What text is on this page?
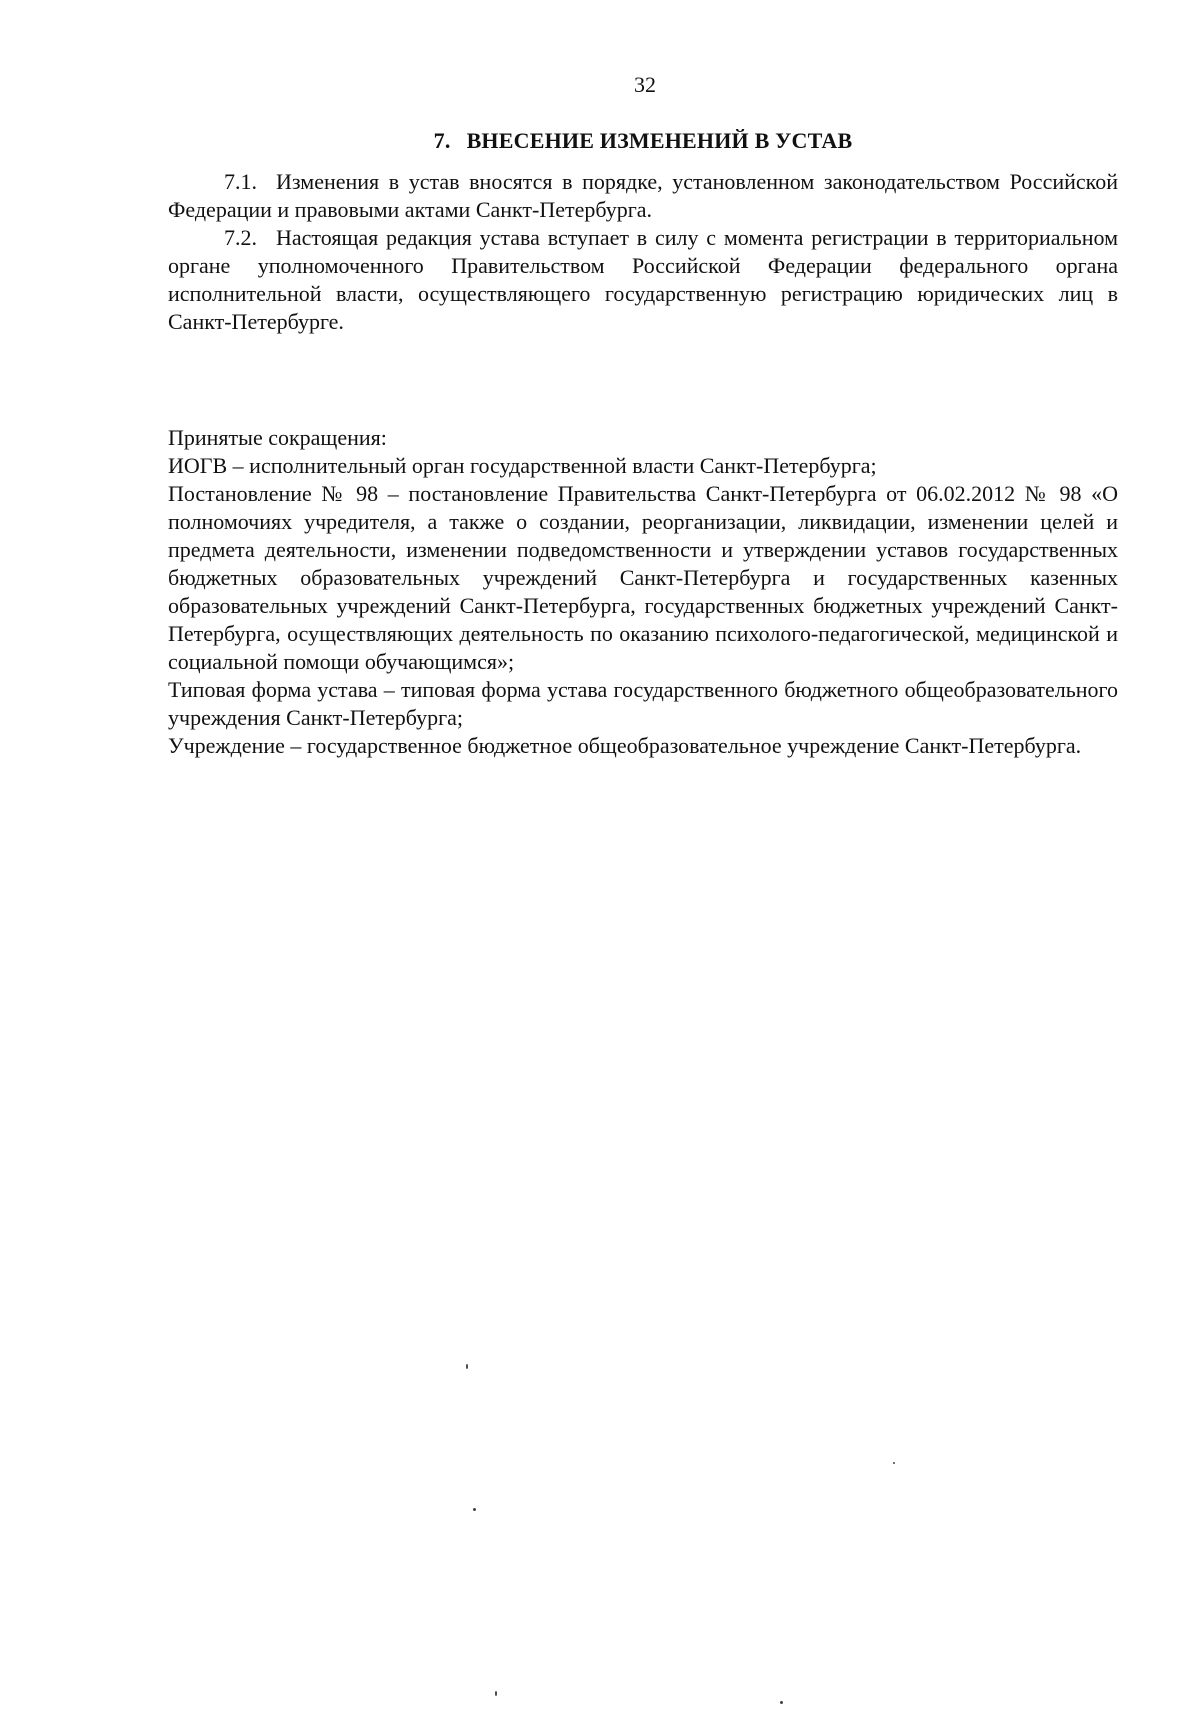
32
7. ВНЕСЕНИЕ ИЗМЕНЕНИЙ В УСТАВ

7.1. Изменения в устав вносятся в порядке, установленном законодательством Российской Федерации и правовыми актами Санкт-Петербурга.

7.2. Настоящая редакция устава вступает в силу с момента регистрации в территориальном органе уполномоченного Правительством Российской Федерации федерального органа исполнительной власти, осуществляющего государственную регистрацию юридических лиц в Санкт-Петербурге.

Принятые сокращения:

ИОГВ – исполнительный орган государственной власти Санкт-Петербурга;

Постановление № 98 – постановление Правительства Санкт-Петербурга от 06.02.2012 № 98 «О полномочиях учредителя, а также о создании, реорганизации, ликвидации, изменении целей и предмета деятельности, изменении подведомственности и утверждении уставов государственных бюджетных образовательных учреждений Санкт-Петербурга и государственных казенных образовательных учреждений Санкт-Петербурга, государственных бюджетных учреждений Санкт-Петербурга, осуществляющих деятельность по оказанию психолого-педагогической, медицинской и социальной помощи обучающимся»;

Типовая форма устава – типовая форма устава государственного бюджетного общеобразовательного учреждения Санкт-Петербурга;

Учреждение – государственное бюджетное общеобразовательное учреждение Санкт-Петербурга.
